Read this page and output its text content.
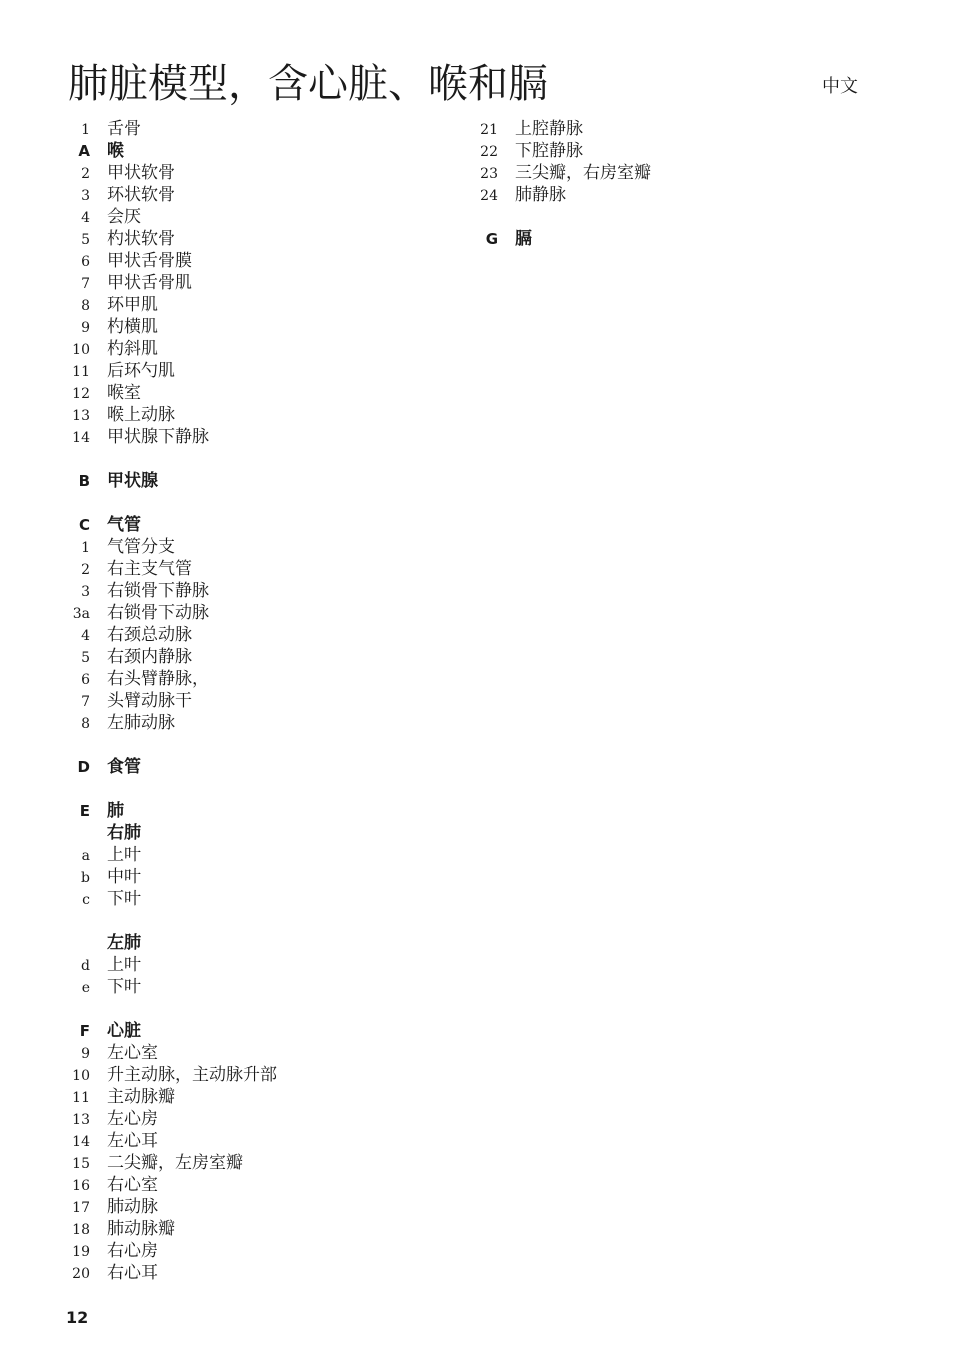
肺脏模型，含心脏、喉和膈	中文
1	舌骨
A	喉
2	甲状软骨
3	环状软骨
4	会厌
5	杓状软骨
6	甲状舌骨膜
7	甲状舌骨肌
8	环甲肌
9	杓横肌
10	杓斜肌
11	后环勺肌
12	喉室
13	喉上动脉
14	甲状腺下静脉
B	甲状腺
C	气管
1	气管分支
2	右主支气管
3	右锁骨下静脉
3a	右锁骨下动脉
4	右颈总动脉
5	右颈内静脉
6	右头臂静脉，
7	头臂动脉干
8	左肺动脉
D	食管
E	肺
右肺
a	上叶
b	中叶
c	下叶
左肺
d	上叶
e	下叶
F	心脏
9	左心室
10	升主动脉，主动脉升部
11	主动脉瓣
13	左心房
14	左心耳
15	二尖瓣，左房室瓣
16	右心室
17	肺动脉
18	肺动脉瓣
19	右心房
20	右心耳
21	上腔静脉
22	下腔静脉
23	三尖瓣，右房室瓣
24	肺静脉
G	膈
12
